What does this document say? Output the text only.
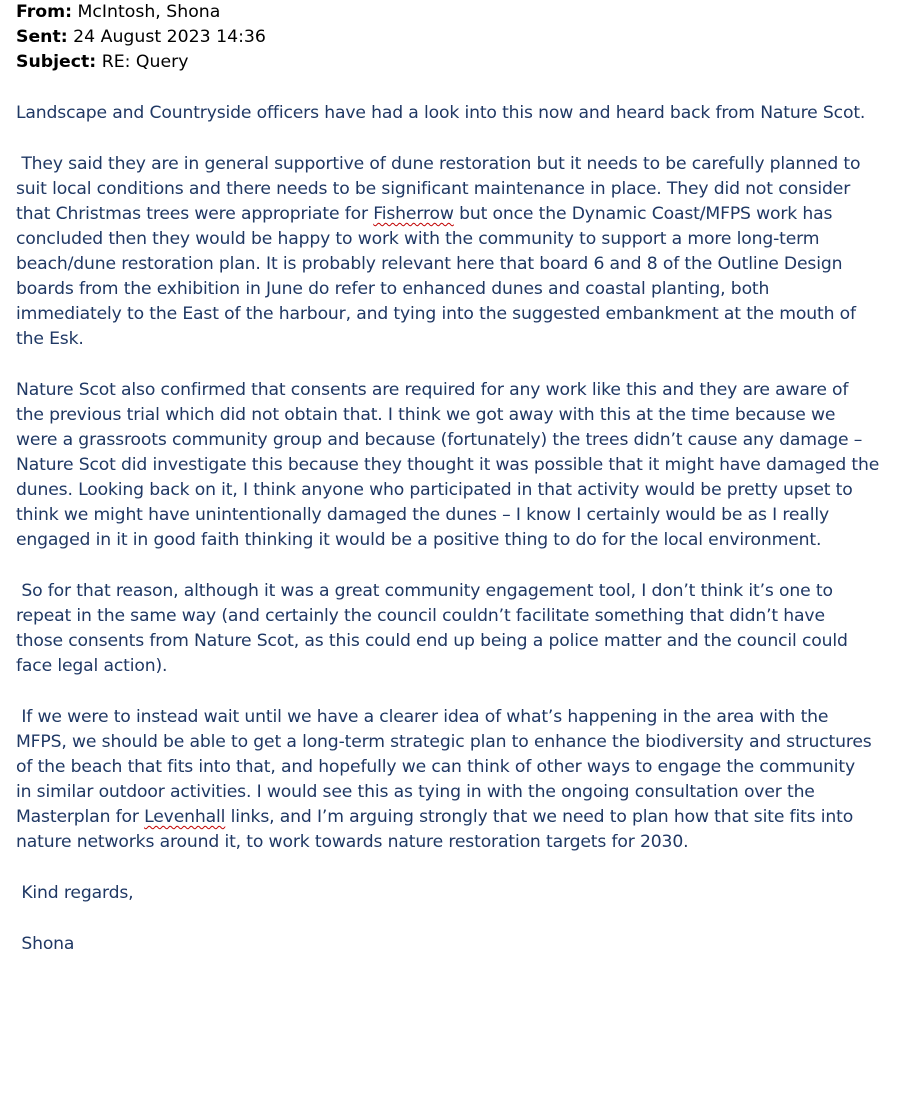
From: McIntosh, Shona
Sent: 24 August 2023 14:36
Subject: RE: Query

Landscape and Countryside officers have had a look into this now and heard back from Nature Scot.

They said they are in general supportive of dune restoration but it needs to be carefully planned to
suit local conditions and there needs to be significant maintenance in place. They did not consider
that Christmas trees were appropriate for Fisherrow but once the Dynamic Coast/MFPS work has
concluded then they would be happy to work with the community to support a more long-term
beach/dune restoration plan. It is probably relevant here that board 6 and 8 of the Outline Design
boards from the exhibition in June do refer to enhanced dunes and coastal planting, both
immediately to the East of the harbour, and tying into the suggested embankment at the mouth of
the Esk.

Nature Scot also confirmed that consents are required for any work like this and they are aware of
the previous trial which did not obtain that. I think we got away with this at the time because we
were a grassroots community group and because (fortunately) the trees didn’t cause any damage –
Nature Scot did investigate this because they thought it was possible that it might have damaged the
dunes. Looking back on it, I think anyone who participated in that activity would be pretty upset to
think we might have unintentionally damaged the dunes – I know I certainly would be as I really
engaged in it in good faith thinking it would be a positive thing to do for the local environment.

So for that reason, although it was a great community engagement tool, I don’t think it’s one to
repeat in the same way (and certainly the council couldn’t facilitate something that didn’t have
those consents from Nature Scot, as this could end up being a police matter and the council could
face legal action).

If we were to instead wait until we have a clearer idea of what’s happening in the area with the
MFPS, we should be able to get a long-term strategic plan to enhance the biodiversity and structures
of the beach that fits into that, and hopefully we can think of other ways to engage the community
in similar outdoor activities. I would see this as tying in with the ongoing consultation over the
Masterplan for Levenhall links, and I’m arguing strongly that we need to plan how that site fits into
nature networks around it, to work towards nature restoration targets for 2030.

Kind regards,

Shona
